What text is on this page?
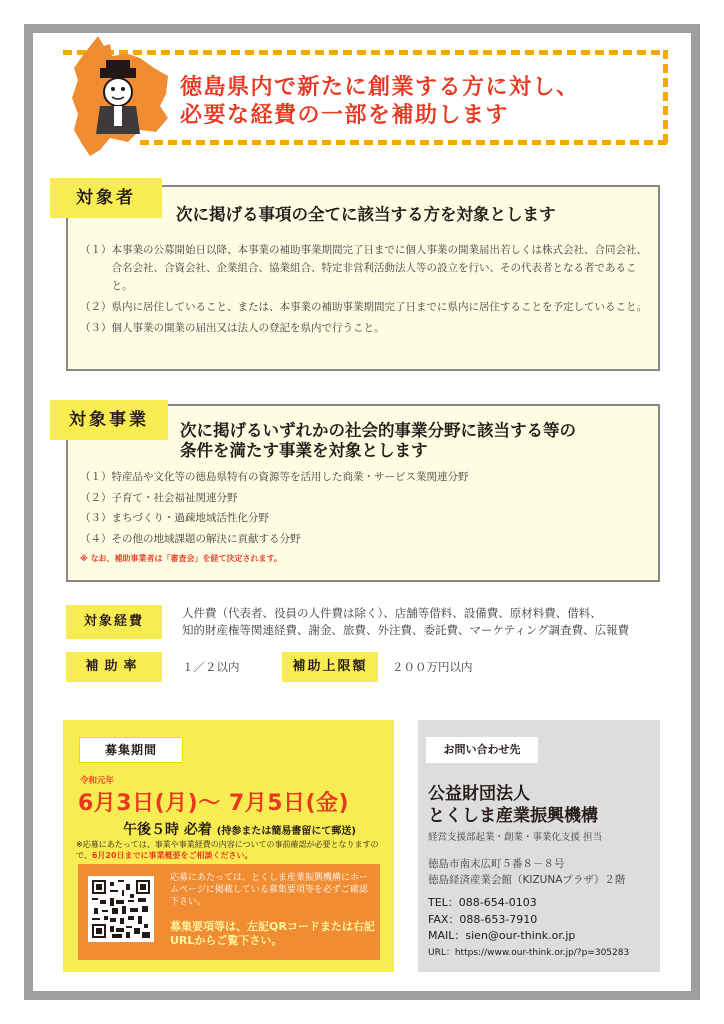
徳島県内で新たに創業する方に対し、
必要な経費の一部を補助します
対象者
次に掲げる事項の全てに該当する方を対象とします
（１） 本事業の公募開始日以降、本事業の補助事業期間完了日までに個人事業の開業届出若しくは株式会社、合同会社、合名会社、合資会社、企業組合、協業組合、特定非営利活動法人等の設立を行い、その代表者となる者であること。
（２） 県内に居住していること、または、本事業の補助事業期間完了日までに県内に居住することを予定していること。
（３） 個人事業の開業の届出又は法人の登記を県内で行うこと。
対象事業
次に掲げるいずれかの社会的事業分野に該当する等の
条件を満たす事業を対象とします
（１） 特産品や文化等の徳島県特有の資源等を活用した商業・サービス業関連分野
（２） 子育て・社会福祉関連分野
（３） まちづくり・過疎地域活性化分野
（４） その他の地域課題の解決に貢献する分野
※ なお、補助事業者は「審査会」を経て決定されます。
対象経費
人件費（代表者、役員の人件費は除く）、店舗等借料、設備費、原材料費、借料、
知的財産権等関連経費、謝金、旅費、外注費、委託費、マーケティング調査費、広報費
補助率	１／２以内	補助上限額	２００万円以内
募集期間
令和元年
6月3日(月)〜 7月5日(金)
午後５時 必着 (持参または簡易書留にて郵送)
※応募にあたっては、事業や事業経費の内容についての事前確認が必要となりますので、6月20日までに事業概要をご相談ください。
応募にあたっては、とくしま産業振興機構にホームページに掲載している募集要項等を必ずご確認下さい。
募集要項等は、左記QRコードまたは右記URLからご覧下さい。
お問い合わせ先
公益財団法人
とくしま産業振興機構
経営支援部起業・創業・事業化支援 担当
徳島市南末広町５番８－８号
徳島経済産業会館（KIZUNAプラザ）２階
TEL：088-654-0103
FAX：088-653-7910
MAIL：sien@our-think.or.jp
URL：https://www.our-think.or.jp/?p=305283
